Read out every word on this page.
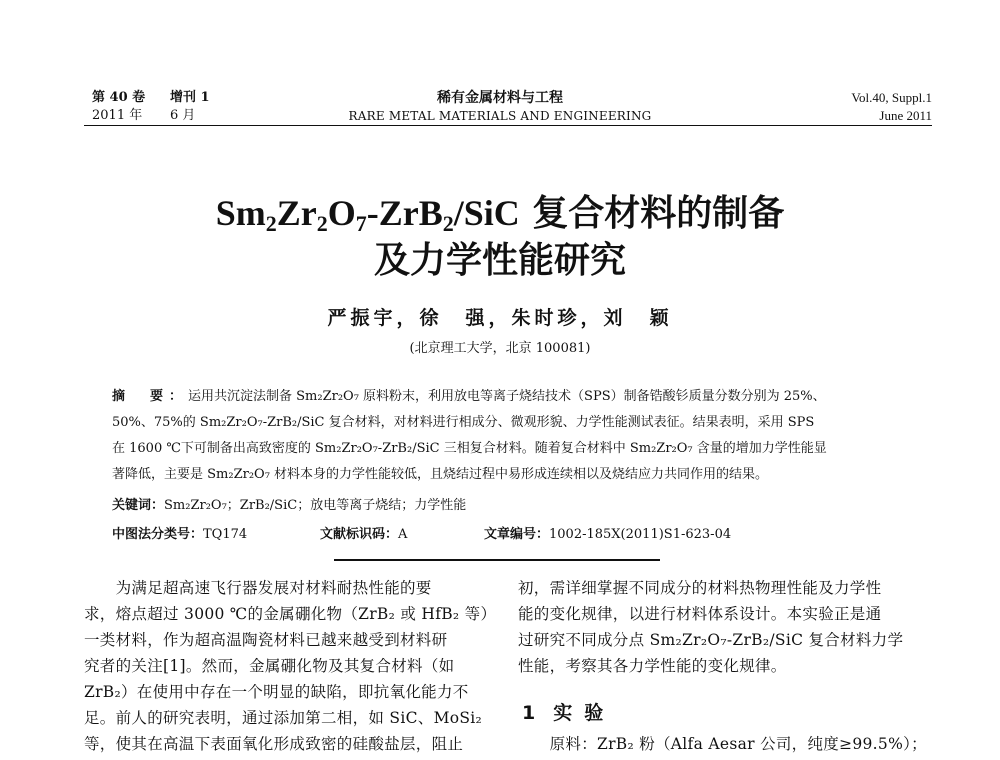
第 40 卷 增刊 1
2011 年 6 月
稀有金属材料与工程
RARE METAL MATERIALS AND ENGINEERING
Vol.40, Suppl.1
June 2011
$Sm_2Zr_2O_7-ZrB_2$/SiC 复合材料的制备
及力学性能研究
严振宇，徐　强，朱时珍，刘　颖
(北京理工大学，北京 100081)
摘　要：运用共沉淀法制备 Sm₂Zr₂O₇ 原料粉末，利用放电等离子烧结技术（SPS）制备锆酸钐质量分数分别为 25%、
50%、75%的 Sm₂Zr₂O₇-ZrB₂/SiC 复合材料，对材料进行相成分、微观形貌、力学性能测试表征。结果表明，采用 SPS
在 1600 ℃下可制备出高致密度的 Sm₂Zr₂O₇-ZrB₂/SiC 三相复合材料。随着复合材料中 Sm₂Zr₂O₇ 含量的增加力学性能显
著降低，主要是 Sm₂Zr₂O₇ 材料本身的力学性能较低，且烧结过程中易形成连续相以及烧结应力共同作用的结果。
关键词：Sm₂Zr₂O₇；ZrB₂/SiC；放电等离子烧结；力学性能
中图法分类号：TQ174	文献标识码：A	文章编号：1002-185X(2011)S1-623-04
　　为满足超高速飞行器发展对材料耐热性能的要
求，熔点超过 3000 ℃的金属硼化物（ZrB₂ 或 HfB₂ 等）
一类材料，作为超高温陶瓷材料已越来越受到材料研
究者的关注[1]。然而，金属硼化物及其复合材料（如
ZrB₂）在使用中存在一个明显的缺陷，即抗氧化能力不
足。前人的研究表明，通过添加第二相，如 SiC、MoSi₂
等，使其在高温下表面氧化形成致密的硅酸盐层，阻止
初，需详细掌握不同成分的材料热物理性能及力学性
能的变化规律，以进行材料体系设计。本实验正是通
过研究不同成分点 Sm₂Zr₂O₇-ZrB₂/SiC 复合材料力学
性能，考察其各力学性能的变化规律。
1 实验
　　原料：ZrB₂ 粉（Alfa Aesar 公司，纯度≥99.5%）；
